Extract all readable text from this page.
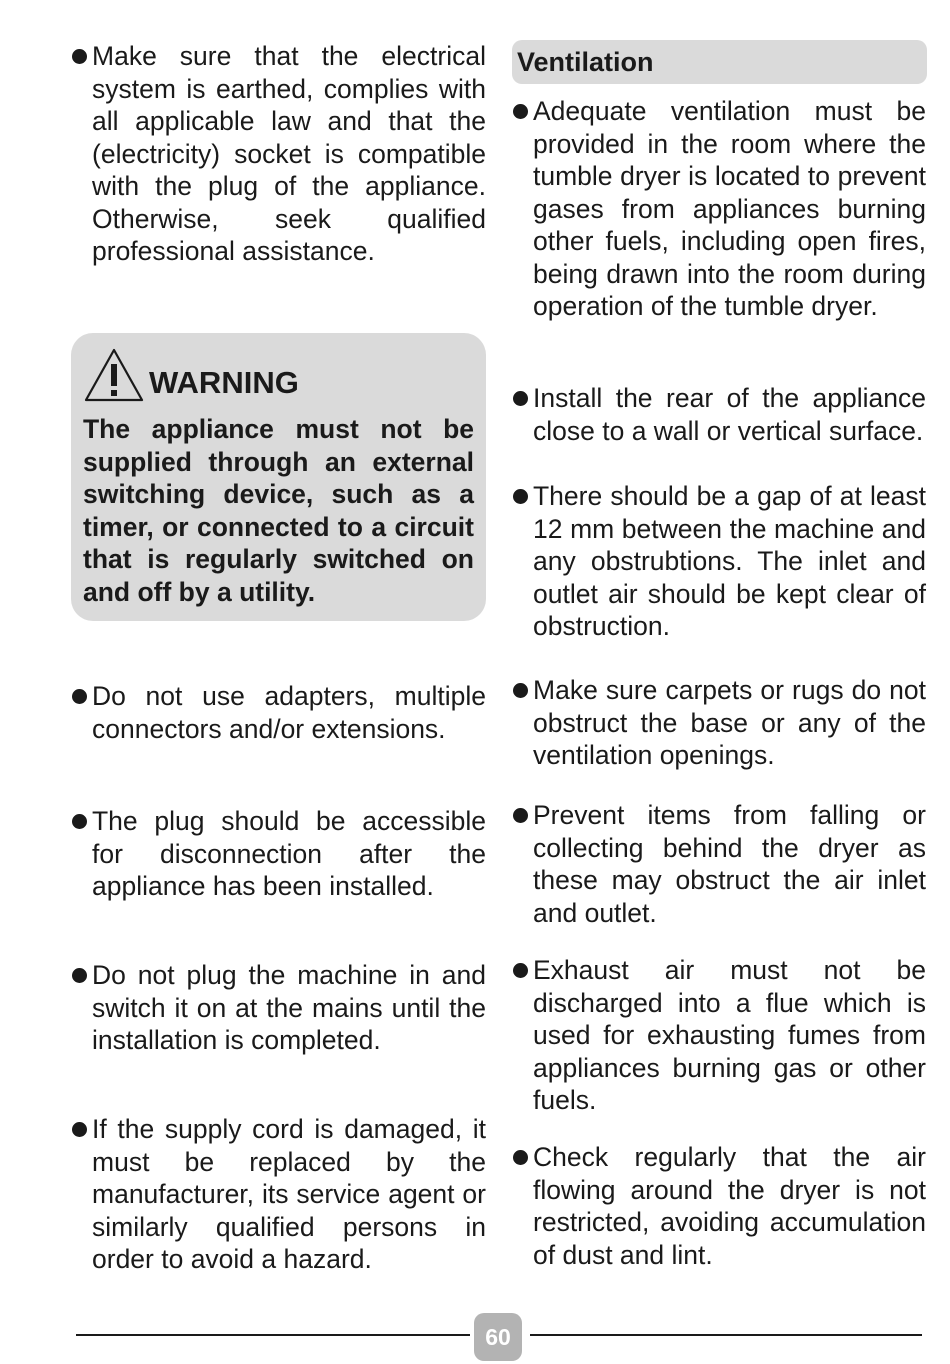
Make sure that the electrical system is earthed, complies with all applicable law and that the (electricity) socket is compatible with the plug of the appliance. Otherwise, seek qualified professional assistance.
WARNING
The appliance must not be supplied through an external switching device, such as a timer, or connected to a circuit that is regularly switched on and off by a utility.
Do not use adapters, multiple connectors and/or extensions.
The plug should be accessible for disconnection after the appliance has been installed.
Do not plug the machine in and switch it on at the mains until the installation is completed.
If the supply cord is damaged, it must be replaced by the manufacturer, its service agent or similarly qualified persons in order to avoid a hazard.
Ventilation
Adequate ventilation must be provided in the room where the tumble dryer is located to prevent gases from appliances burning other fuels, including open fires, being drawn into the room during operation of the tumble dryer.
Install the rear of the appliance close to a wall or vertical surface.
There should be a gap of at least 12 mm between the machine and any obstrubtions. The inlet and outlet air should be kept clear of obstruction.
Make sure carpets or rugs do not obstruct the base or any of the ventilation openings.
Prevent items from falling or collecting behind the dryer as these may obstruct the air inlet and outlet.
Exhaust air must not be discharged into a flue which is used for exhausting fumes from appliances burning gas or other fuels.
Check regularly that the air flowing around the dryer is not restricted, avoiding accumulation of dust and lint.
60
